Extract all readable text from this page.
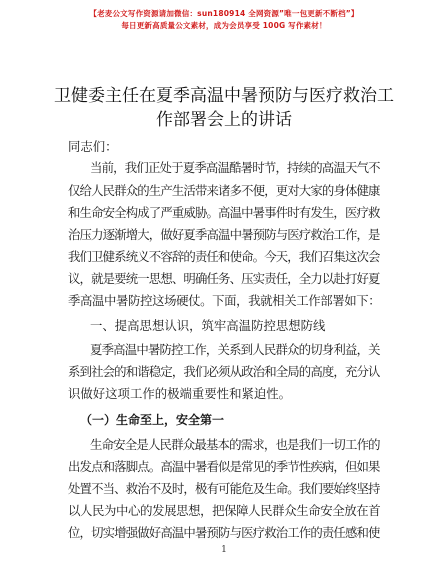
【老麦公文写作资源请加微信：sun180914 全网资源”唯一包更新不断档”】
每日更新高质量公文素材，成为会员享受 100G 写作素材！
卫健委主任在夏季高温中暑预防与医疗救治工
作部署会上的讲话
同志们：
当前，我们正处于夏季高温酷暑时节，持续的高温天气不
仅给人民群众的生产生活带来诸多不便，更对大家的身体健康
和生命安全构成了严重威胁。高温中暑事件时有发生，医疗救
治压力逐渐增大，做好夏季高温中暑预防与医疗救治工作，是
我们卫健系统义不容辞的责任和使命。今天，我们召集这次会
议，就是要统一思想、明确任务、压实责任，全力以赴打好夏
季高温中暑防控这场硬仗。下面，我就相关工作部署如下：
一、提高思想认识，筑牢高温防控思想防线
夏季高温中暑防控工作，关系到人民群众的切身利益，关
系到社会的和谐稳定，我们必须从政治和全局的高度，充分认
识做好这项工作的极端重要性和紧迫性。
（一）生命至上，安全第一
生命安全是人民群众最基本的需求，也是我们一切工作的
出发点和落脚点。高温中暑看似是常见的季节性疾病，但如果
处置不当、救治不及时，极有可能危及生命。我们要始终坚持
以人民为中心的发展思想，把保障人民群众生命安全放在首
位，切实增强做好高温中暑预防与医疗救治工作的责任感和使
1
